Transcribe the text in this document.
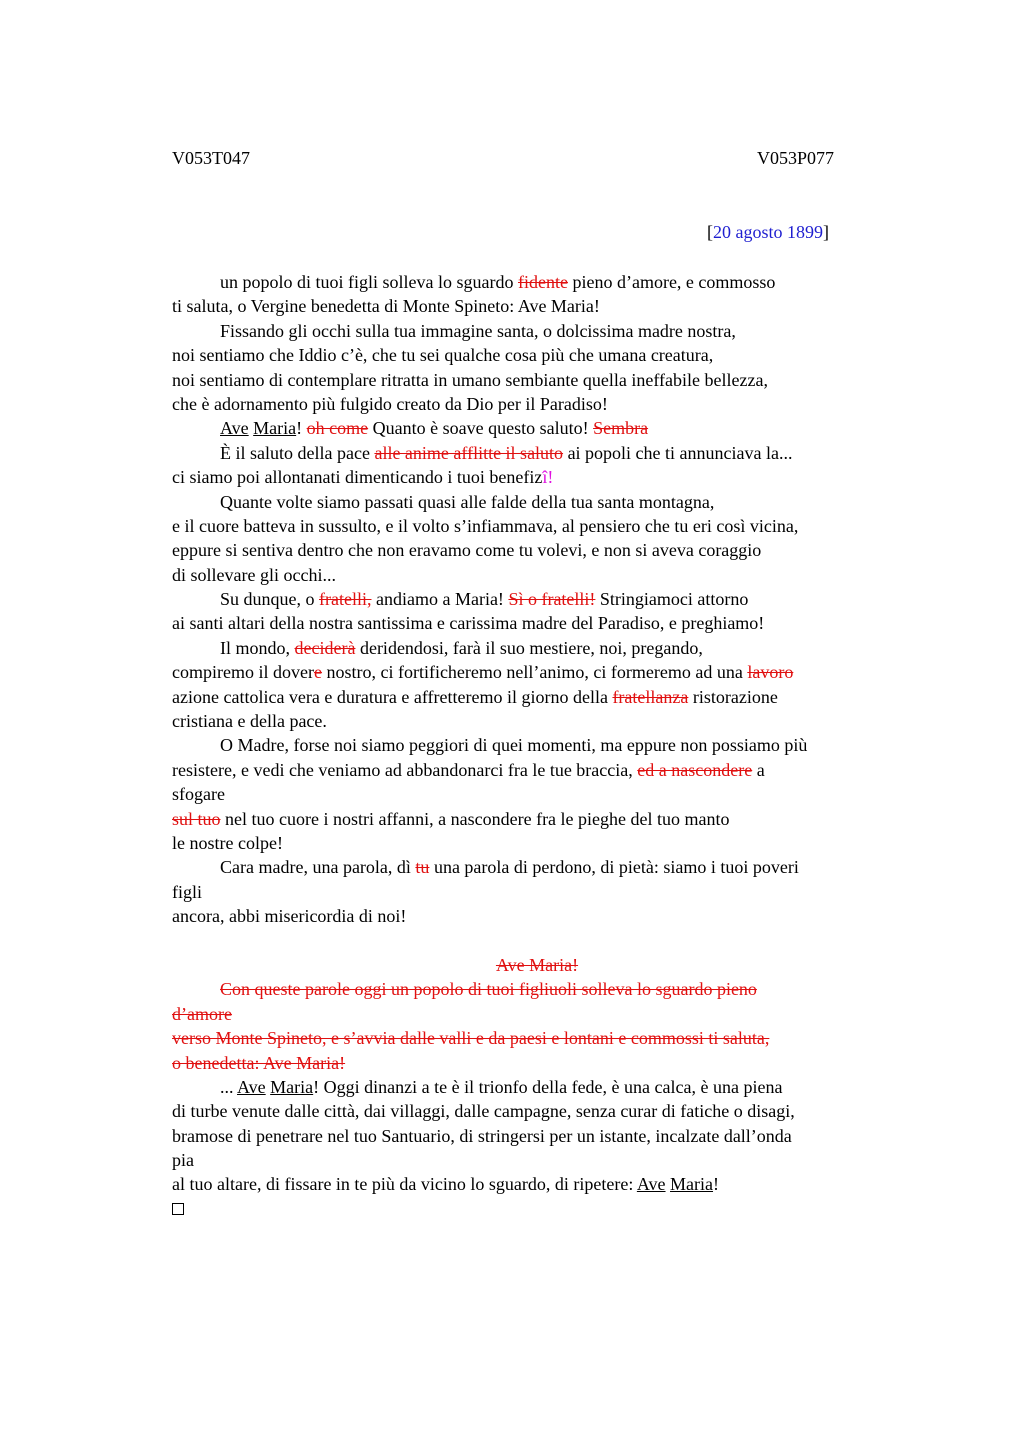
V053T047	V053P077
[20 agosto 1899]
un popolo di tuoi figli solleva lo sguardo fidente pieno d’amore, e commosso
ti saluta, o Vergine benedetta di Monte Spineto: Ave Maria!
Fissando gli occhi sulla tua immagine santa, o dolcissima madre nostra,
noi sentiamo che Iddio c’è, che tu sei qualche cosa più che umana creatura,
noi sentiamo di contemplare ritratta in umano sembiante quella ineffabile bellezza,
che è adornamento più fulgido creato da Dio per il Paradiso!
Ave Maria! oh come Quanto è soave questo saluto! Sembra
È il saluto della pace alle anime afflitte il saluto ai popoli che ti annunciava la...
ci siamo poi allontanati dimenticando i tuoi benefizî!
Quante volte siamo passati quasi alle falde della tua santa montagna,
e il cuore batteva in sussulto, e il volto s’infiammava, al pensiero che tu eri così vicina,
eppure si sentiva dentro che non eravamo come tu volevi, e non si aveva coraggio
di sollevare gli occhi...
Su dunque, o fratelli, andiamo a Maria! Sì o fratelli! Stringiamoci attorno
ai santi altari della nostra santissima e carissima madre del Paradiso, e preghiamo!
Il mondo, deciderà deridendosi, farà il suo mestiere, noi, pregando,
compiremo il dovere nostro, ci fortificheremo nell’animo, ci formeremo ad una lavoro
azione cattolica vera e duratura e affretteremo il giorno della fratellanza ristorazione
cristiana e della pace.
O Madre, forse noi siamo peggiori di quei momenti, ma eppure non possiamo più
resistere, e vedi che veniamo ad abbandonarci fra le tue braccia, ed a nascondere a
sfogare
sul tuo nel tuo cuore i nostri affanni, a nascondere fra le pieghe del tuo manto
le nostre colpe!
Cara madre, una parola, dì tu una parola di perdono, di pietà: siamo i tuoi poveri
figli
ancora, abbi misericordia di noi!
Ave Maria!
Con queste parole oggi un popolo di tuoi figliuoli solleva lo sguardo pieno
d’amore
verso Monte Spineto, e s’avvia dalle valli e da paesi e lontani e commossi ti saluta,
o benedetta: Ave Maria!
... Ave Maria! Oggi dinanzi a te è il trionfo della fede, è una calca, è una piena
di turbe venute dalle città, dai villaggi, dalle campagne, senza curar di fatiche o disagi,
bramose di penetrare nel tuo Santuario, di stringersi per un istante, incalzate dall’onda
pia
al tuo altare, di fissare in te più da vicino lo sguardo, di ripetere: Ave Maria!
